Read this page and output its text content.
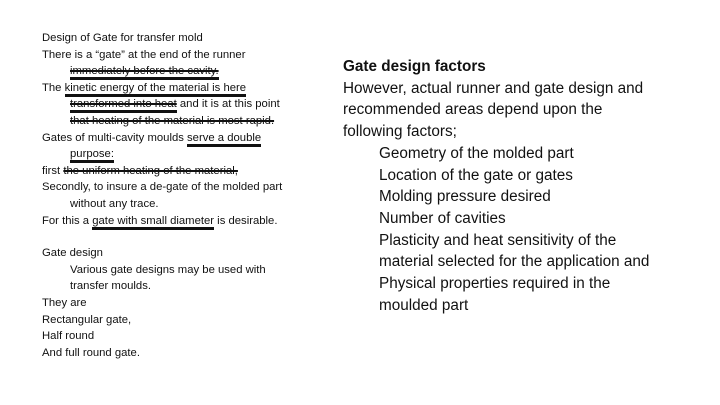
Design of Gate for transfer mold

There is a “gate” at the end of the runner

immediately before the cavity.

The kinetic energy of the material is here

transformed into heat and it is at this point

that heating of the material is most rapid.

Gates of multi-cavity moulds serve a double

purpose:

first the uniform heating of the material,

Secondly, to insure a de-gate of the molded part

without any trace.

For this a gate with small diameter is desirable.

Gate design

Various gate designs may be used with

transfer moulds.

They are

Rectangular gate,

Half round

And full round gate.

Gate design factors

However, actual runner and gate design and

recommended areas depend upon the

following factors;

Geometry of the molded part

Location of the gate or gates

Molding pressure desired

Number of cavities

Plasticity and heat sensitivity of the

material selected for the application and

Physical properties required in the

moulded part
